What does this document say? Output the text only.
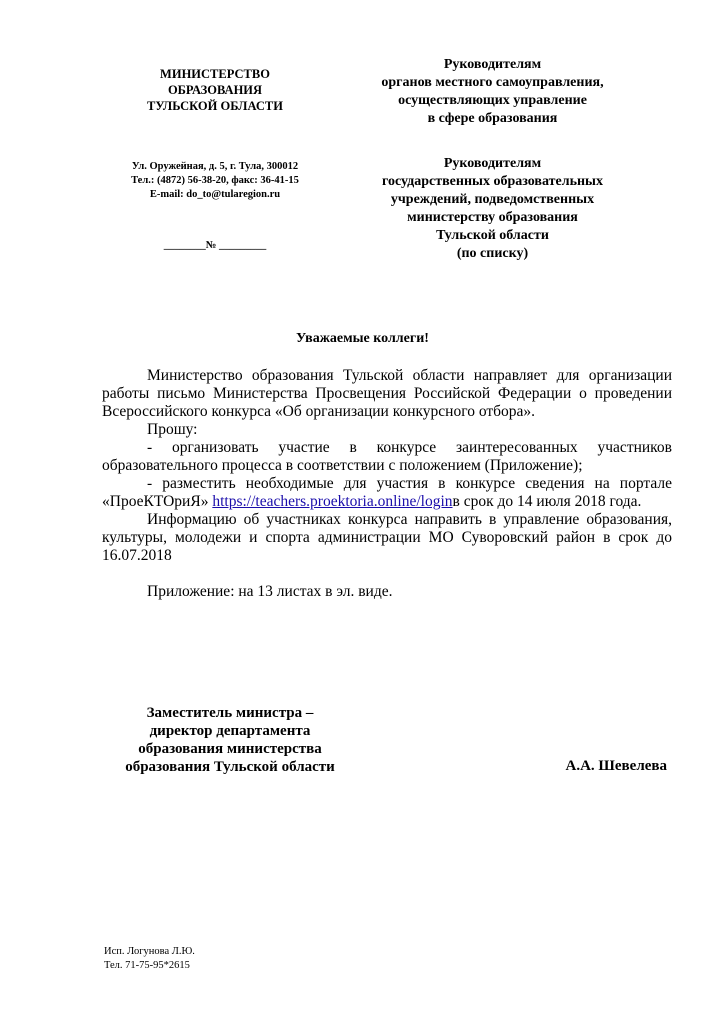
МИНИСТЕРСТВО
ОБРАЗОВАНИЯ
ТУЛЬСКОЙ ОБЛАСТИ
Ул. Оружейная, д. 5, г. Тула, 300012
Тел.: (4872) 56-38-20, факс: 36-41-15
E-mail: do_to@tularegion.ru
________№ _________
Руководителям
органов местного самоуправления,
осуществляющих управление
в сфере образования
Руководителям
государственных образовательных
учреждений, подведомственных
министерству образования
Тульской области
(по списку)
Уважаемые коллеги!

Министерство образования Тульской области направляет для организации работы письмо Министерства Просвещения Российской Федерации о проведении Всероссийского конкурса «Об организации конкурсного отбора».

Прошу:

- организовать участие в конкурсе заинтересованных участников образовательного процесса в соответствии с положением (Приложение);

- разместить необходимые для участия в конкурсе сведения на портале «ПроеКТОриЯ» https://teachers.proektoria.online/loginв срок до 14 июля 2018 года.

Информацию об участниках конкурса направить в управление образования, культуры, молодежи и спорта администрации МО Суворовский район в срок до 16.07.2018

Приложение: на 13 листах в эл. виде.

Заместитель министра –
директор департамента
образования министерства
образования Тульской области	А.А. Шевелева
Исп. Логунова Л.Ю.
Тел. 71-75-95*2615
